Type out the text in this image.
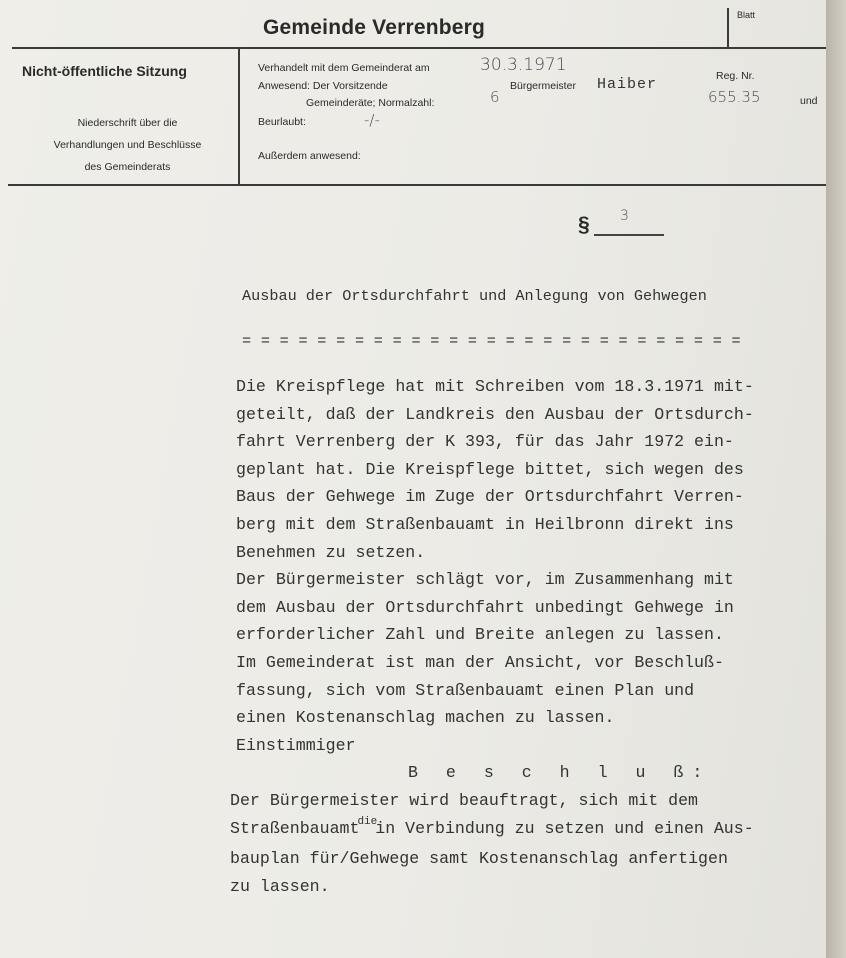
Gemeinde Verrenberg
Blatt
Nicht-öffentliche Sitzung
Niederschrift über die
Verhandlungen und Beschlüsse
des Gemeinderats
Verhandelt mit dem Gemeinderat am
Anwesend: Der Vorsitzende	Bürgermeister
Gemeinderäte; Normalzahl:
Reg. Nr.
und
Beurlaubt:
Außerdem anwesend:
30.3.1971
Haiber
6	655.35
-/-
§ 3
Ausbau der Ortsdurchfahrt und Anlegung von Gehwegen
= = = = = = = = = = = = = = = = = = = = = = = = = = =
Die Kreispflege hat mit Schreiben vom 18.3.1971 mit-
geteilt, daß der Landkreis den Ausbau der Ortsdurch-
fahrt Verrenberg der K 393, für das Jahr 1972 ein-
geplant hat. Die Kreispflege bittet, sich wegen des
Baus der Gehwege im Zuge der Ortsdurchfahrt Verren-
berg mit dem Straßenbauamt in Heilbronn direkt ins
Benehmen zu setzen.
Der Bürgermeister schlägt vor, im Zusammenhang mit
dem Ausbau der Ortsdurchfahrt unbedingt Gehwege in
erforderlicher Zahl und Breite anlegen zu lassen.
Im Gemeinderat ist man der Ansicht, vor Beschluß-
fassung, sich vom Straßenbauamt einen Plan und
einen Kostenanschlag machen zu lassen.
Einstimmiger
B e s c h l u ß:
Der Bürgermeister wird beauftragt, sich mit dem
Straßenbauamt$^{die}$in Verbindung zu setzen und einen Aus-
bauplan für/Gehwege samt Kostenanschlag anfertigen
zu lassen.
